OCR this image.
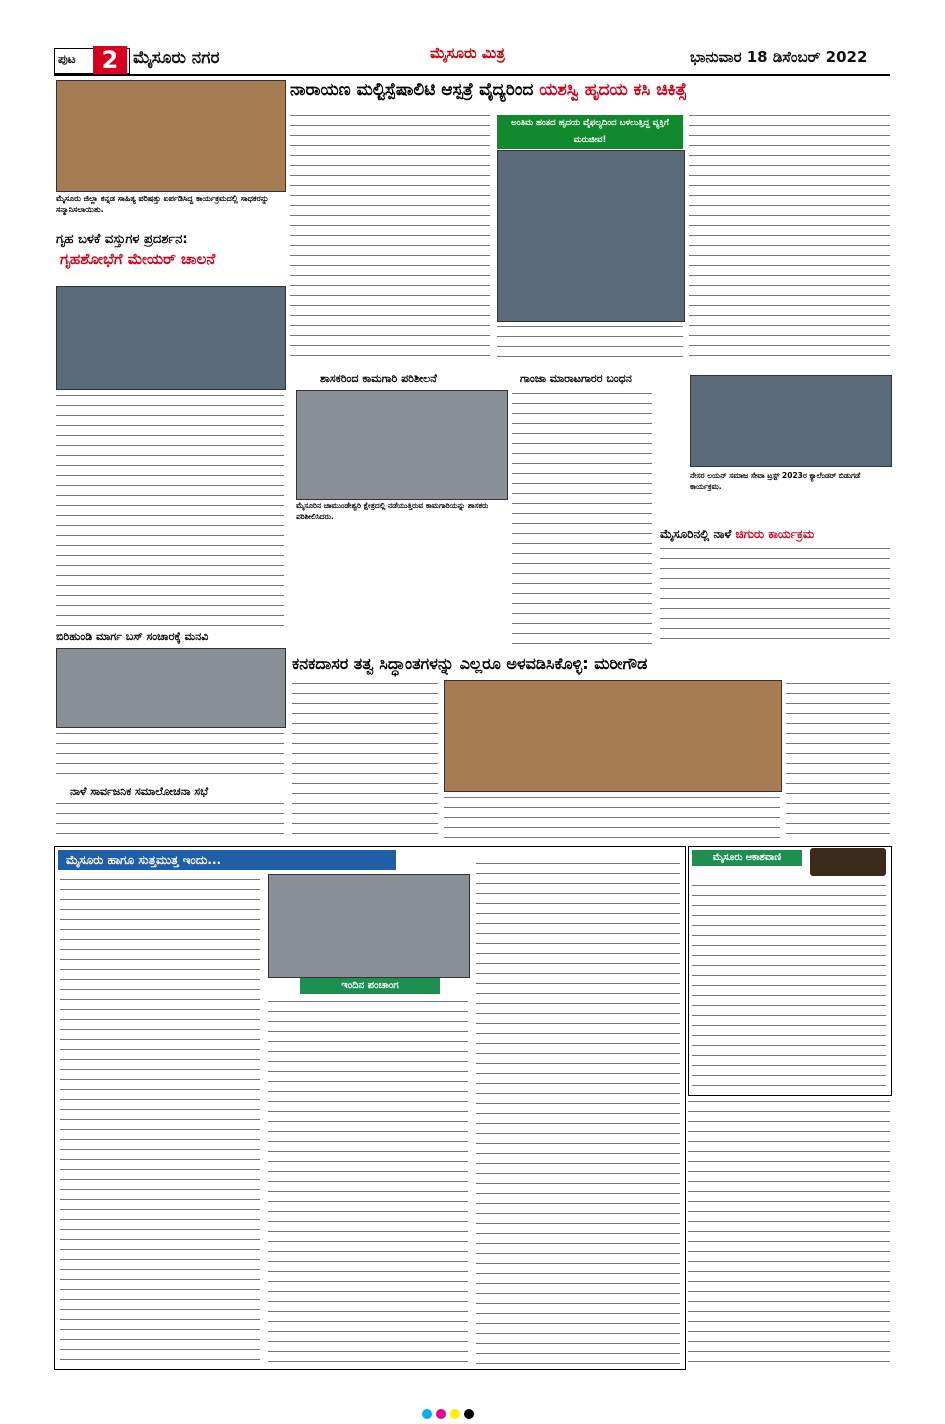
ಪುಟ	2 ಮೈಸೂರು ನಗರ	ಮೈಸೂರು ಮಿತ್ರ	ಭಾನುವಾರ 18 ಡಿಸೆಂಬರ್ 2022
ಮೈಸೂರು ಜಿಲ್ಲಾ ಕನ್ನಡ ಸಾಹಿತ್ಯ ಪರಿಷತ್ತು ಏರ್ಪಡಿಸಿದ್ದ ಕಾರ್ಯಕ್ರಮದಲ್ಲಿ ಸಾಧಕರನ್ನು ಸನ್ಮಾನಿಸಲಾಯಿತು.
ಗೃಹ ಬಳಕೆ ವಸ್ತುಗಳ ಪ್ರದರ್ಶನ:
ಗೃಹಶೋಭೆಗೆ ಮೇಯರ್ ಚಾಲನೆ
ಬಿರಿಹುಂಡಿ ಮಾರ್ಗ ಬಸ್ ಸಂಚಾರಕ್ಕೆ ಮನವಿ
ನಾಳೆ ಸಾರ್ವಜನಿಕ ಸಮಾಲೋಚನಾ ಸಭೆ
ನಾರಾಯಣ ಮಲ್ಟಿಸ್ಪೆಷಾಲಿಟಿ ಆಸ್ಪತ್ರೆ ವೈದ್ಯರಿಂದ ಯಶಸ್ವಿ ಹೃದಯ ಕಸಿ ಚಿಕಿತ್ಸೆ
ಅಂತಿಮ ಹಂತದ ಹೃದಯ ವೈಫಲ್ಯದಿಂದ ಬಳಲುತ್ತಿದ್ದ ವ್ಯಕ್ತಿಗೆ ಮರುಜೀವ!
ಶಾಸಕರಿಂದ ಕಾಮಗಾರಿ ಪರಿಶೀಲನೆ
ಮೈಸೂರಿನ ಚಾಮುಂಡೇಶ್ವರಿ ಕ್ಷೇತ್ರದಲ್ಲಿ ನಡೆಯುತ್ತಿರುವ ಕಾಮಗಾರಿಯನ್ನು ಶಾಸಕರು ಪರಿಶೀಲಿಸಿದರು.
ಗಾಂಜಾ ಮಾರಾಟಗಾರರ ಬಂಧನ
ನೇಸರ ಲಯನ್ ಸಮಾಜ ಸೇವಾ ಟ್ರಸ್ಟ್ 2023ರ ಕ್ಯಾಲೆಂಡರ್ ಬಿಡುಗಡೆ ಕಾರ್ಯಕ್ರಮ.
ಮೈಸೂರಿನಲ್ಲಿ ನಾಳೆ ಚಿಗುರು ಕಾರ್ಯಕ್ರಮ
ಕನಕದಾಸರ ತತ್ವ ಸಿದ್ಧಾಂತಗಳನ್ನು ಎಲ್ಲರೂ ಅಳವಡಿಸಿಕೊಳ್ಳಿ: ಮರೀಗೌಡ
ಮೈಸೂರು ಹಾಗೂ ಸುತ್ತಮುತ್ತ ಇಂದು...
ಇಂದಿನ ಪಂಚಾಂಗ
ಮೈಸೂರು ಆಕಾಶವಾಣಿ
